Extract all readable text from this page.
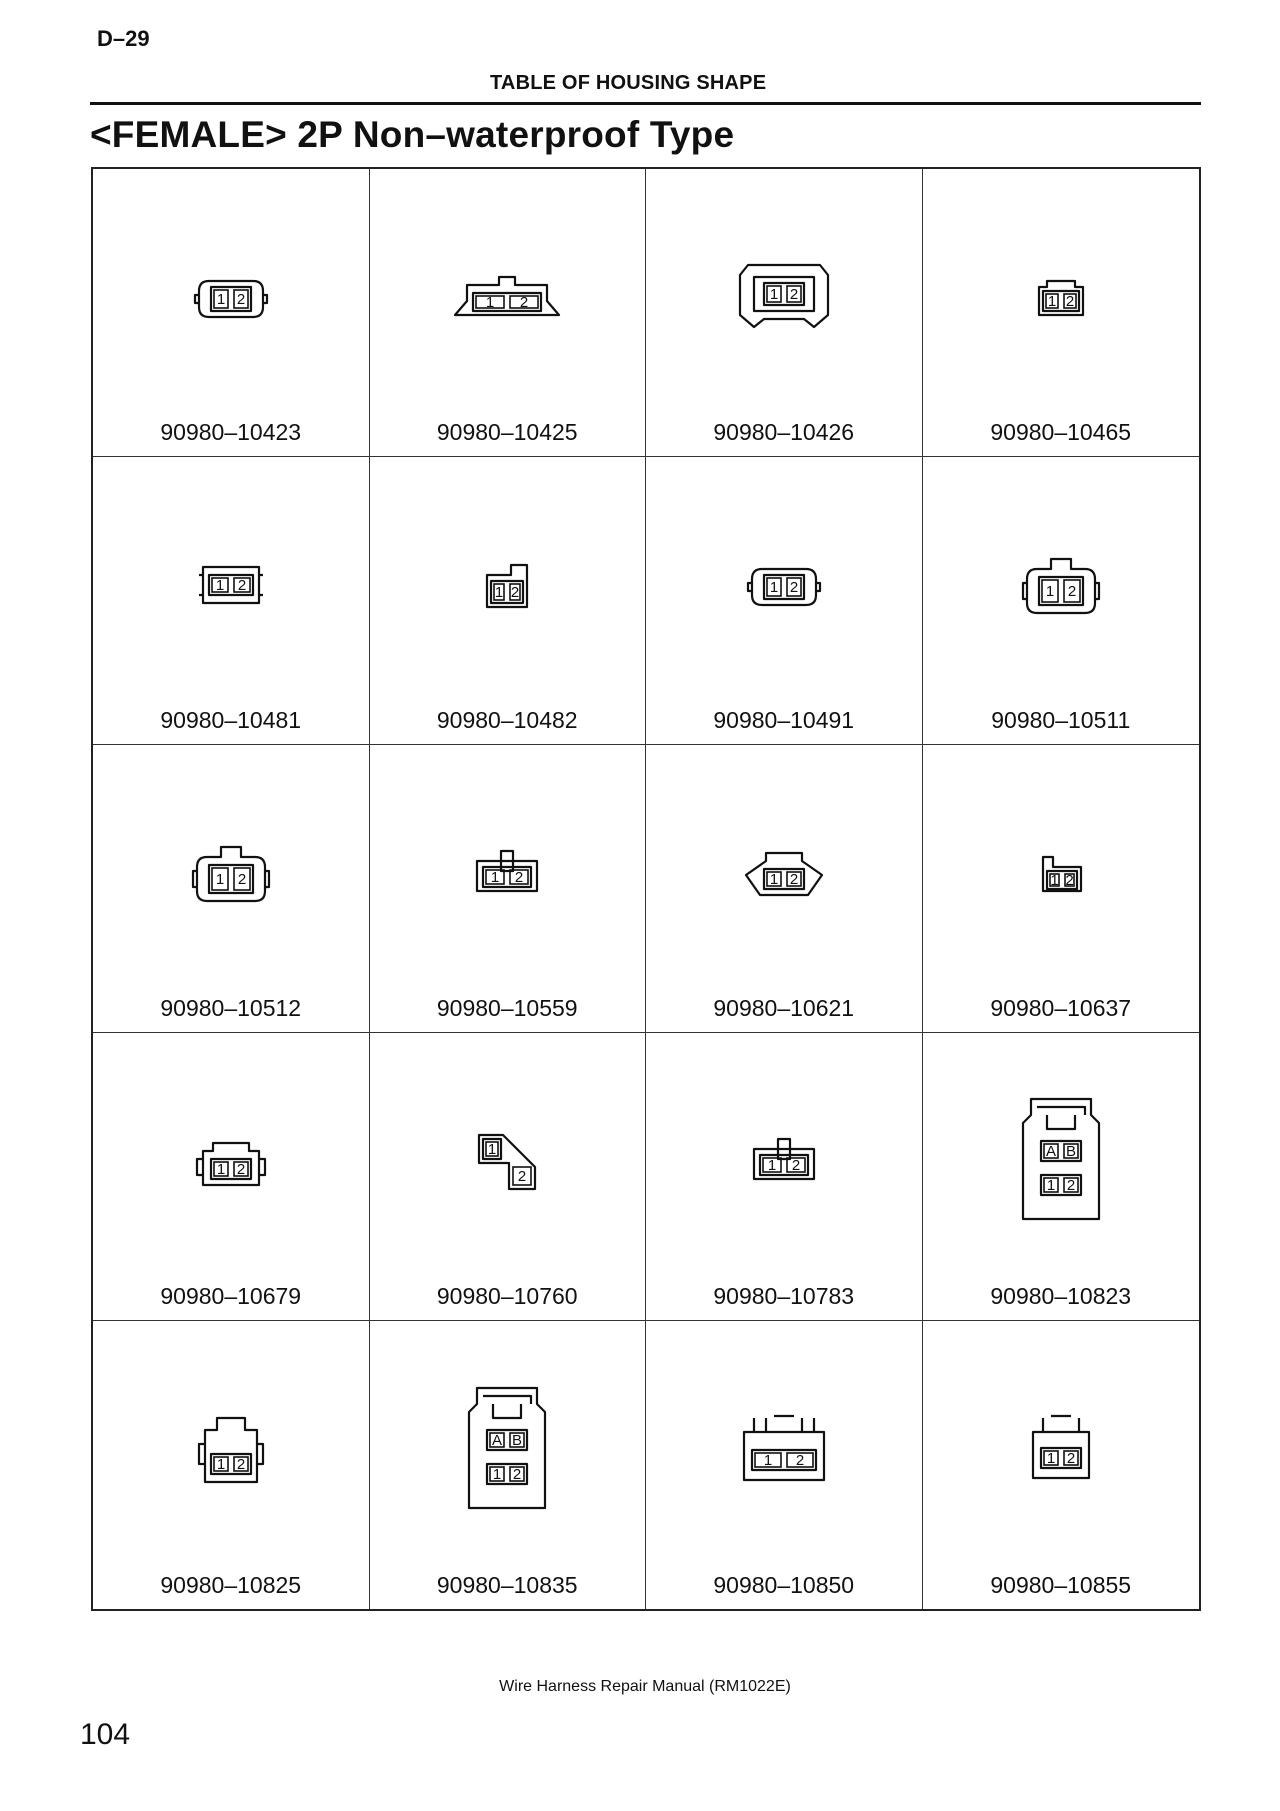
D–29
TABLE OF HOUSING SHAPE
<FEMALE> 2P Non–waterproof Type
1 2
90980–10423
1 2
90980–10425
1 2
90980–10426
1 2
90980–10465
1 2
90980–10481
1 2
90980–10482
1 2
90980–10491
1 2
90980–10511
1 2
90980–10512
1 2
90980–10559
1 2
90980–10621
1 2
90980–10637
1 2
90980–10679
1
2
90980–10760
1 2
90980–10783
A B
1 2
90980–10823
1 2
90980–10825
A B
1 2
90980–10835
1 2
90980–10850
1 2
90980–10855
Wire Harness Repair Manual (RM1022E)
104
